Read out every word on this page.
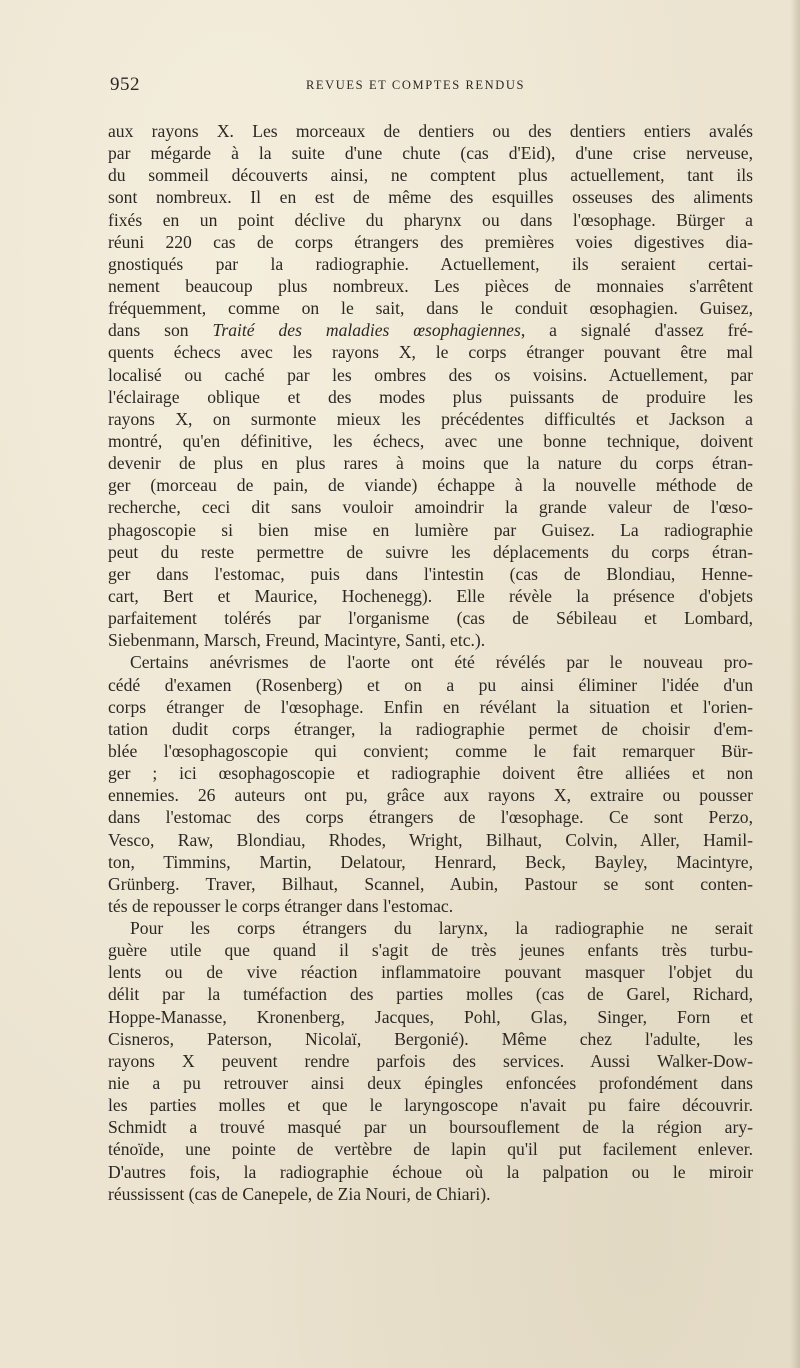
952	REVUES ET COMPTES RENDUS
aux rayons X. Les morceaux de dentiers ou des dentiers entiers avalés
par mégarde à la suite d'une chute (cas d'Eid), d'une crise nerveuse,
du sommeil découverts ainsi, ne comptent plus actuellement, tant ils
sont nombreux. Il en est de même des esquilles osseuses des aliments
fixés en un point déclive du pharynx ou dans l'œsophage. Bürger a
réuni 220 cas de corps étrangers des premières voies digestives dia-
gnostiqués par la radiographie. Actuellement, ils seraient certai-
nement beaucoup plus nombreux. Les pièces de monnaies s'arrêtent
fréquemment, comme on le sait, dans le conduit œsophagien. Guisez,
dans son Traité des maladies œsophagiennes, a signalé d'assez fré-
quents échecs avec les rayons X, le corps étranger pouvant être mal
localisé ou caché par les ombres des os voisins. Actuellement, par
l'éclairage oblique et des modes plus puissants de produire les
rayons X, on surmonte mieux les précédentes difficultés et Jackson a
montré, qu'en définitive, les échecs, avec une bonne technique, doivent
devenir de plus en plus rares à moins que la nature du corps étran-
ger (morceau de pain, de viande) échappe à la nouvelle méthode de
recherche, ceci dit sans vouloir amoindrir la grande valeur de l'œso-
phagoscopie si bien mise en lumière par Guisez. La radiographie
peut du reste permettre de suivre les déplacements du corps étran-
ger dans l'estomac, puis dans l'intestin (cas de Blondiau, Henne-
cart, Bert et Maurice, Hochenegg). Elle révèle la présence d'objets
parfaitement tolérés par l'organisme (cas de Sébileau et Lombard,
Siebenmann, Marsch, Freund, Macintyre, Santi, etc.).
Certains anévrismes de l'aorte ont été révélés par le nouveau pro-
cédé d'examen (Rosenberg) et on a pu ainsi éliminer l'idée d'un
corps étranger de l'œsophage. Enfin en révélant la situation et l'orien-
tation dudit corps étranger, la radiographie permet de choisir d'em-
blée l'œsophagoscopie qui convient; comme le fait remarquer Bür-
ger ; ici œsophagoscopie et radiographie doivent être alliées et non
ennemies. 26 auteurs ont pu, grâce aux rayons X, extraire ou pousser
dans l'estomac des corps étrangers de l'œsophage. Ce sont Perzo,
Vesco, Raw, Blondiau, Rhodes, Wright, Bilhaut, Colvin, Aller, Hamil-
ton, Timmins, Martin, Delatour, Henrard, Beck, Bayley, Macintyre,
Grünberg. Traver, Bilhaut, Scannel, Aubin, Pastour se sont conten-
tés de repousser le corps étranger dans l'estomac.
Pour les corps étrangers du larynx, la radiographie ne serait
guère utile que quand il s'agit de très jeunes enfants très turbu-
lents ou de vive réaction inflammatoire pouvant masquer l'objet du
délit par la tuméfaction des parties molles (cas de Garel, Richard,
Hoppe-Manasse, Kronenberg, Jacques, Pohl, Glas, Singer, Forn et
Cisneros, Paterson, Nicolaï, Bergonié). Même chez l'adulte, les
rayons X peuvent rendre parfois des services. Aussi Walker-Dow-
nie a pu retrouver ainsi deux épingles enfoncées profondément dans
les parties molles et que le laryngoscope n'avait pu faire découvrir.
Schmidt a trouvé masqué par un boursouflement de la région ary-
ténoïde, une pointe de vertèbre de lapin qu'il put facilement enlever.
D'autres fois, la radiographie échoue où la palpation ou le miroir
réussissent (cas de Canepele, de Zia Nouri, de Chiari).
